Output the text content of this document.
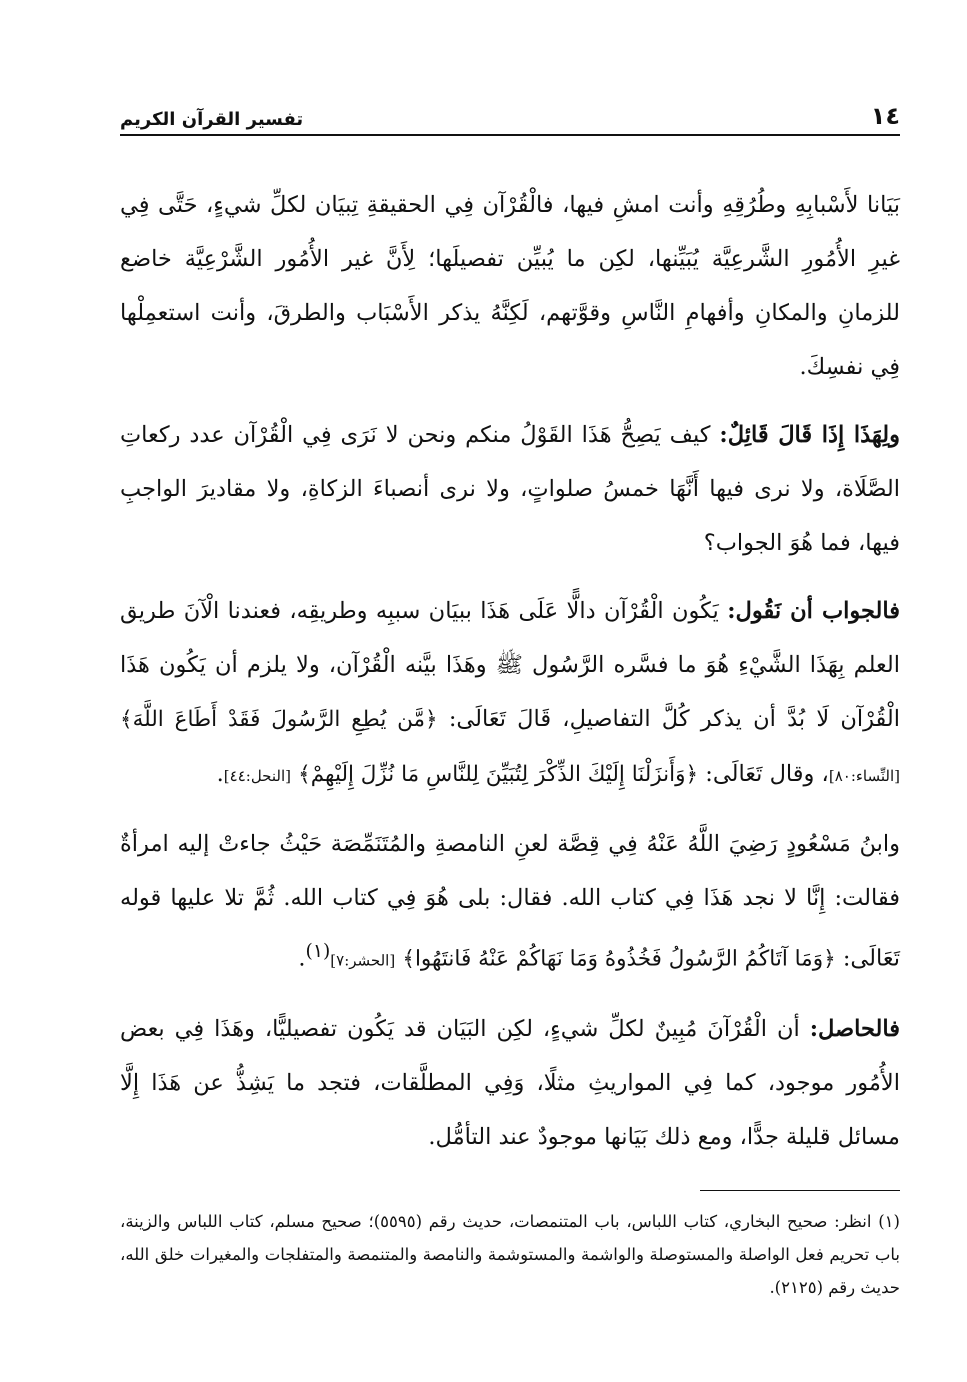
١٤
تفسير القرآن الكريم

بَيَانا لأَسْبابِهِ وطُرُقِهِ وأنت امشِ فيها، فالْقُرْآن فِي الحقيقةِ تِبيَان لكلِّ شيءٍ، حَتَّى فِي غيرِ الأُمُورِ الشَّرعِيَّة يُبَيِّنها، لكِن ما يُبيِّن تفصيلَها؛ لِأَنَّ غير الأُمُور الشَّرْعِيَّة خاضع للزمانِ والمكانِ وأفهامِ النَّاسِ وقوَّتهم، لَكِنَّهُ يذكر الأَسْبَاب والطرقَ، وأنت استعمِلْها فِي نفسِكَ.

ولِهَذَا إِذَا قَالَ قَائِلٌ: كيف يَصِحُّ هَذَا القَوْلُ منكم ونحن لا نَرَى فِي الْقُرْآن عدد ركعاتِ الصَّلَاة، ولا نرى فيها أَنَّهَا خمسُ صلواتٍ، ولا نرى أنصباءَ الزكاةِ، ولا مقاديرَ الواجبِ فيها، فما هُوَ الجواب؟

فالجواب أن نَقُول: يَكُون الْقُرْآن دالًّا عَلَى هَذَا ببيَان سببِه وطريقِه، فعندنا الْآنَ طريق العلم بِهَذَا الشَّيْءِ هُوَ ما فسَّره الرَّسُول ﷺ وهَذَا بيَّنه الْقُرْآن، ولا يلزم أن يَكُون هَذَا الْقُرْآن لَا بُدَّ أن يذكر كُلَّ التفاصيلِ، قَالَ تَعَالَى: ﴿مَّن يُطِعِ الرَّسُولَ فَقَدْ أَطَاعَ اللَّهَ﴾ [النِّساء:٨٠]، وقال تَعَالَى: ﴿وَأَنزَلْنَا إِلَيْكَ الذِّكْرَ لِتُبَيِّنَ لِلنَّاسِ مَا نُزِّلَ إِلَيْهِمْ﴾ [النحل:٤٤].

وابنُ مَسْعُودٍ رَضِيَ اللَّهُ عَنْهُ فِي قِصَّة لعنِ النامصةِ والمُتَنَمِّصَة حَيْثُ جاءتْ إليه امرأةٌ فقالت: إِنَّا لا نجد هَذَا فِي كتاب الله. فقال: بلى هُوَ فِي كتاب الله. ثُمَّ تلا عليها قوله تَعَالَى: ﴿وَمَا آتَاكُمُ الرَّسُولُ فَخُذُوهُ وَمَا نَهَاكُمْ عَنْهُ فَانتَهُوا﴾ [الحشر:٧]$^{(١)}$.

فالحاصل: أن الْقُرْآنَ مُبِينٌ لكلِّ شيءٍ، لكِن البَيَان قد يَكُون تفصيليًّا، وهَذَا فِي بعض الأُمُور موجود، كما فِي المواريثِ مثلًا، وَفِي المطلَّقات، فتجد ما يَشِذُّ عن هَذَا إِلَّا مسائل قليلة جدًّا، ومع ذلك بَيَانها موجودٌ عند التأمُّل.

(١) انظر: صحيح البخاري، كتاب اللباس، باب المتنمصات، حديث رقم (٥٥٩٥)؛ صحيح مسلم، كتاب اللباس والزينة، باب تحريم فعل الواصلة والمستوصلة والواشمة والمستوشمة والنامصة والمتنمصة والمتفلجات والمغيرات خلق الله، حديث رقم (٢١٢٥).
